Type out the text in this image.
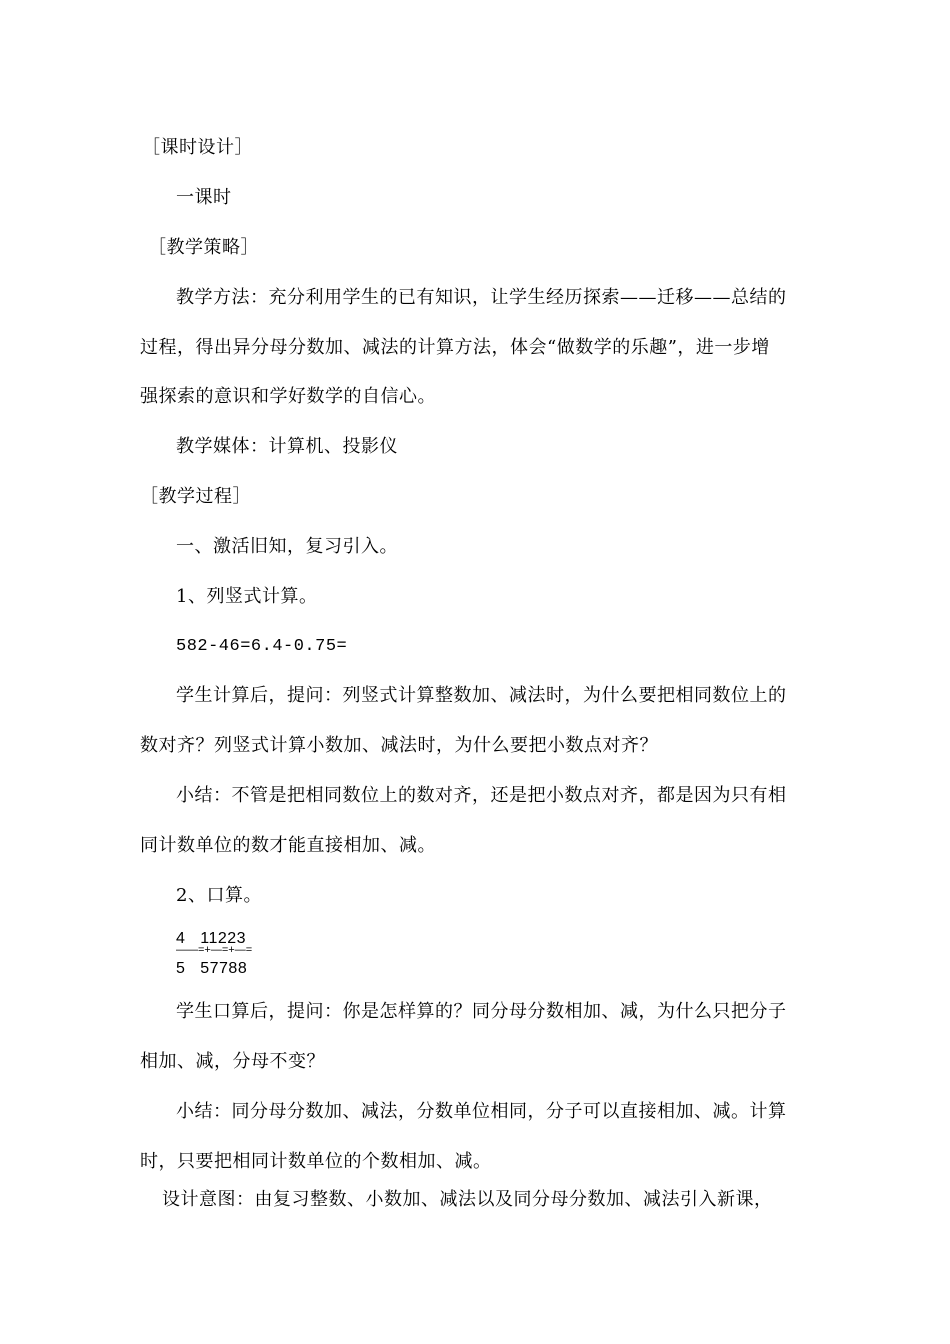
［课时设计］
一课时
［教学策略］
教学方法：充分利用学生的已有知识，让学生经历探索——迁移——总结的
过程，得出异分母分数加、减法的计算方法，体会“做数学的乐趣”，进一步增
强探索的意识和学好数学的自信心。
教学媒体：计算机、投影仪
［教学过程］
一、激活旧知，复习引入。
1、列竖式计算。
582-46=6.4-0.75=
学生计算后，提问：列竖式计算整数加、减法时，为什么要把相同数位上的
数对齐？列竖式计算小数加、减法时，为什么要把小数点对齐？
小结：不管是把相同数位上的数对齐，还是把小数点对齐，都是因为只有相
同计数单位的数才能直接相加、减。
2、口算。
4   11223
——=+—=+—=
5   57788
学生口算后，提问：你是怎样算的？同分母分数相加、减，为什么只把分子
相加、减，分母不变？
小结：同分母分数加、减法，分数单位相同，分子可以直接相加、减。计算
时，只要把相同计数单位的个数相加、减。
设计意图：由复习整数、小数加、减法以及同分母分数加、减法引入新课，
